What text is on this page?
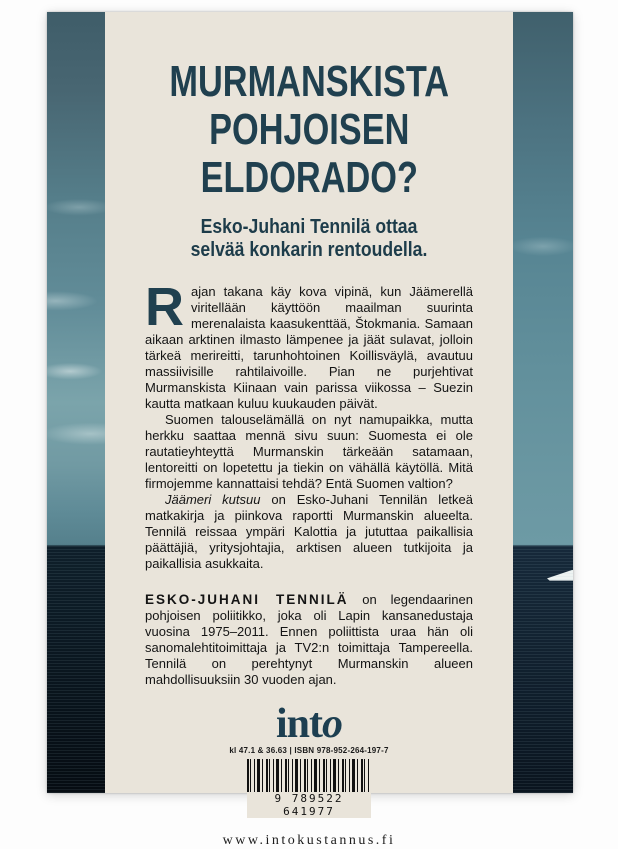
MURMANSKISTA
POHJOISEN
ELDORADO?
Esko-Juhani Tennilä ottaa selvää konkarin rentoudella.

Rajan takana käy kova vipinä, kun Jäämerellä viritellään käyttöön maailman suurinta merenalaista kaasukenttää, Štokmania. Samaan aikaan arktinen ilmasto lämpenee ja jäät sulavat, jolloin tärkeä merireitti, tarunhohtoinen Koillisväylä, avautuu massiivisille rahtilaivoille. Pian ne purjehtivat Murmanskista Kiinaan vain parissa viikossa – Suezin kautta matkaan kuluu kuukauden päivät.

Suomen talouselämällä on nyt namupaikka, mutta herkku saattaa mennä sivu suun: Suomesta ei ole rautatieyhteyttä Murmanskin tärkeään satamaan, lentoreitti on lopetettu ja tiekin on vähällä käytöllä. Mitä firmojemme kannattaisi tehdä? Entä Suomen valtion?

Jäämeri kutsuu on Esko-Juhani Tennilän letkeä matkakirja ja piinkova raportti Murmanskin alueelta. Tennilä reissaa ympäri Kalottia ja jututtaa paikallisia päättäjiä, yritysjohtajia, arktisen alueen tutkijoita ja paikallisia asukkaita.

ESKO-JUHANI TENNILÄ on legendaarinen pohjoisen poliitikko, joka oli Lapin kansanedustaja vuosina 1975–2011. Ennen poliittista uraa hän oli sanomalehtitoimittaja ja TV2:n toimittaja Tampereella. Tennilä on perehtynyt Murmanskin alueen mahdollisuuksiin 30 vuoden ajan.
into
kl 47.1 & 36.63 | ISBN 978-952-264-197-7
9 789522 641977
www.intokustannus.fi
